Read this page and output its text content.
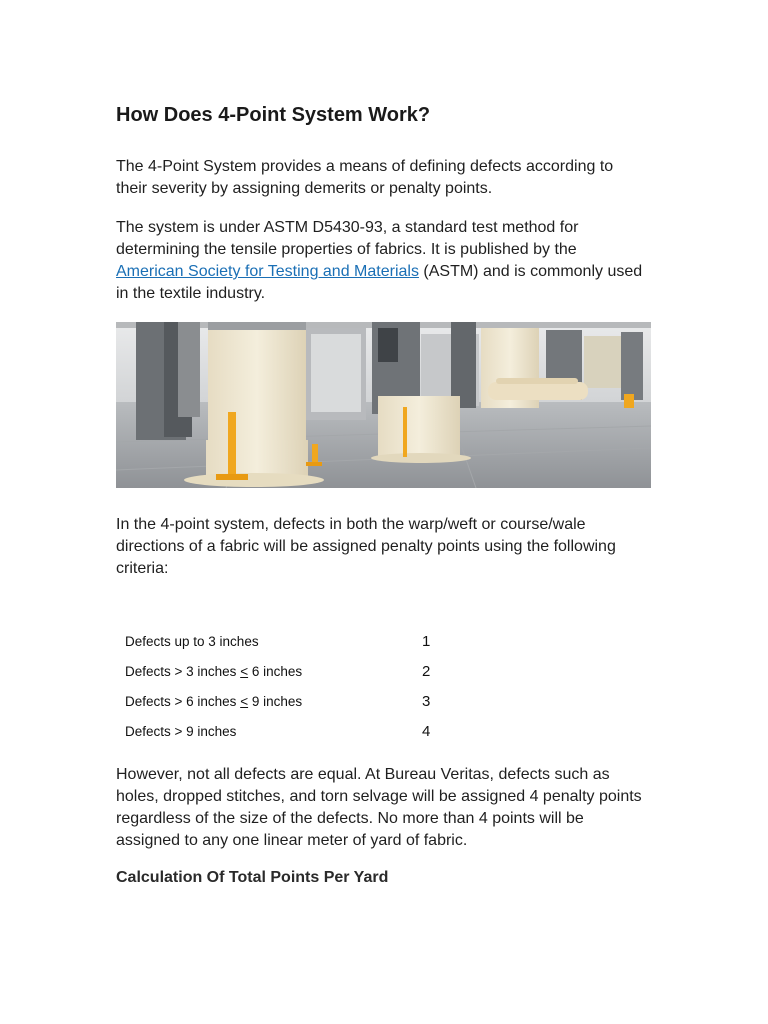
How Does 4-Point System Work?

The 4-Point System provides a means of defining defects according to their severity by assigning demerits or penalty points.

The system is under ASTM D5430-93, a standard test method for determining the tensile properties of fabrics. It is published by the American Society for Testing and Materials (ASTM) and is commonly used in the textile industry.

In the 4-point system, defects in both the warp/weft or course/wale directions of a fabric will be assigned penalty points using the following criteria:

Defects up to 3 inches	1
Defects > 3 inches ≤ 6 inches	2
Defects > 6 inches ≤ 9 inches	3
Defects > 9 inches	4

However, not all defects are equal. At Bureau Veritas, defects such as holes, dropped stitches, and torn selvage will be assigned 4 penalty points regardless of the size of the defects. No more than 4 points will be assigned to any one linear meter of yard of fabric.

Calculation Of Total Points Per Yard
